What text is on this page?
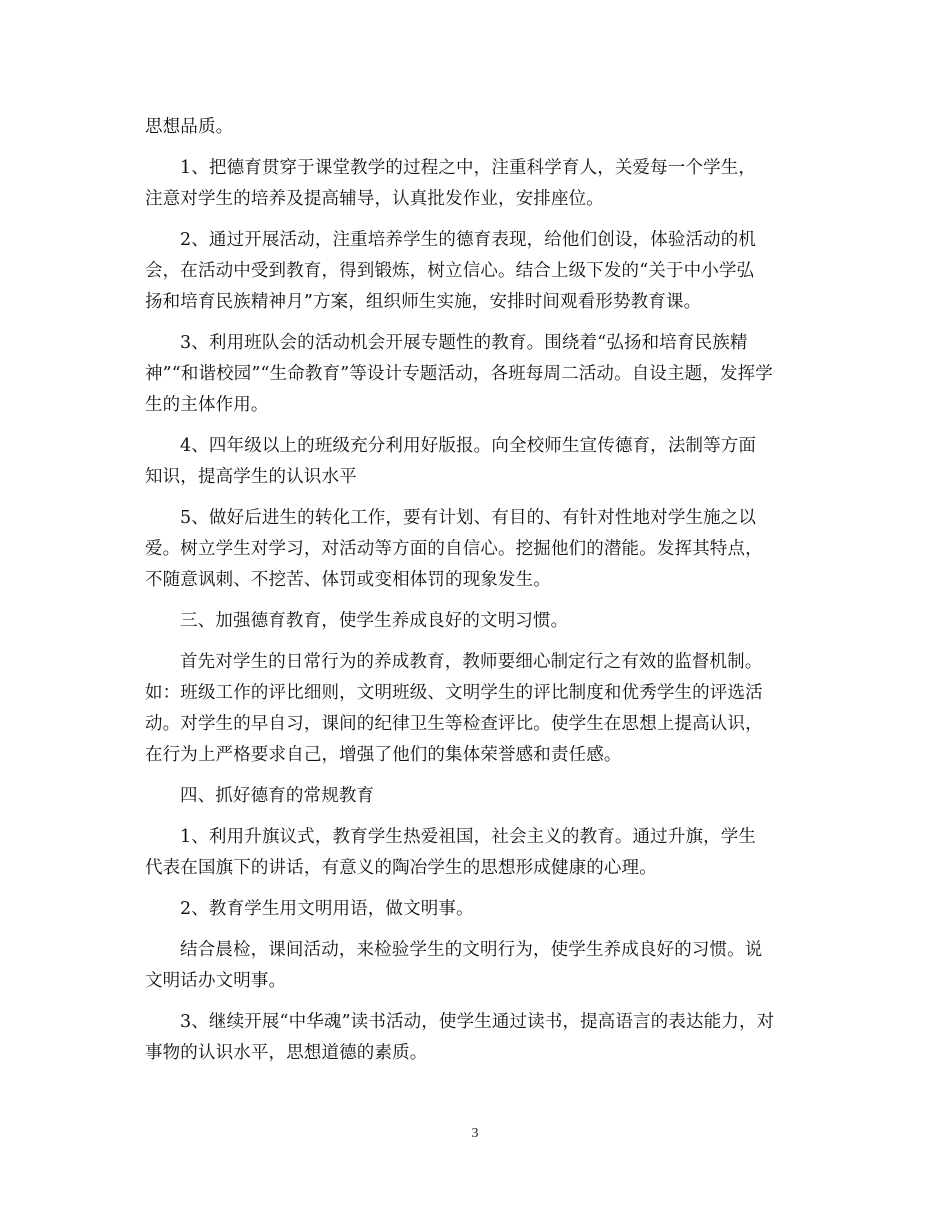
思想品质。
1、把德育贯穿于课堂教学的过程之中，注重科学育人，关爱每一个学生，
注意对学生的培养及提高辅导，认真批发作业，安排座位。
2、通过开展活动，注重培养学生的德育表现，给他们创设，体验活动的机
会，在活动中受到教育，得到锻炼，树立信心。结合上级下发的“关于中小学弘
扬和培育民族精神月”方案，组织师生实施，安排时间观看形势教育课。
3、利用班队会的活动机会开展专题性的教育。围绕着“弘扬和培育民族精
神”“和谐校园”“生命教育”等设计专题活动，各班每周二活动。自设主题，发挥学
生的主体作用。
4、四年级以上的班级充分利用好版报。向全校师生宣传德育，法制等方面
知识，提高学生的认识水平
5、做好后进生的转化工作，要有计划、有目的、有针对性地对学生施之以
爱。树立学生对学习，对活动等方面的自信心。挖掘他们的潜能。发挥其特点，
不随意讽刺、不挖苦、体罚或变相体罚的现象发生。
三、加强德育教育，使学生养成良好的文明习惯。
首先对学生的日常行为的养成教育，教师要细心制定行之有效的监督机制。
如：班级工作的评比细则，文明班级、文明学生的评比制度和优秀学生的评选活
动。对学生的早自习，课间的纪律卫生等检查评比。使学生在思想上提高认识，
在行为上严格要求自己，增强了他们的集体荣誉感和责任感。
四、抓好德育的常规教育
1、利用升旗议式，教育学生热爱祖国，社会主义的教育。通过升旗，学生
代表在国旗下的讲话，有意义的陶冶学生的思想形成健康的心理。
2、教育学生用文明用语，做文明事。
结合晨检，课间活动，来检验学生的文明行为，使学生养成良好的习惯。说
文明话办文明事。
3、继续开展“中华魂”读书活动，使学生通过读书，提高语言的表达能力，对
事物的认识水平，思想道德的素质。
3
